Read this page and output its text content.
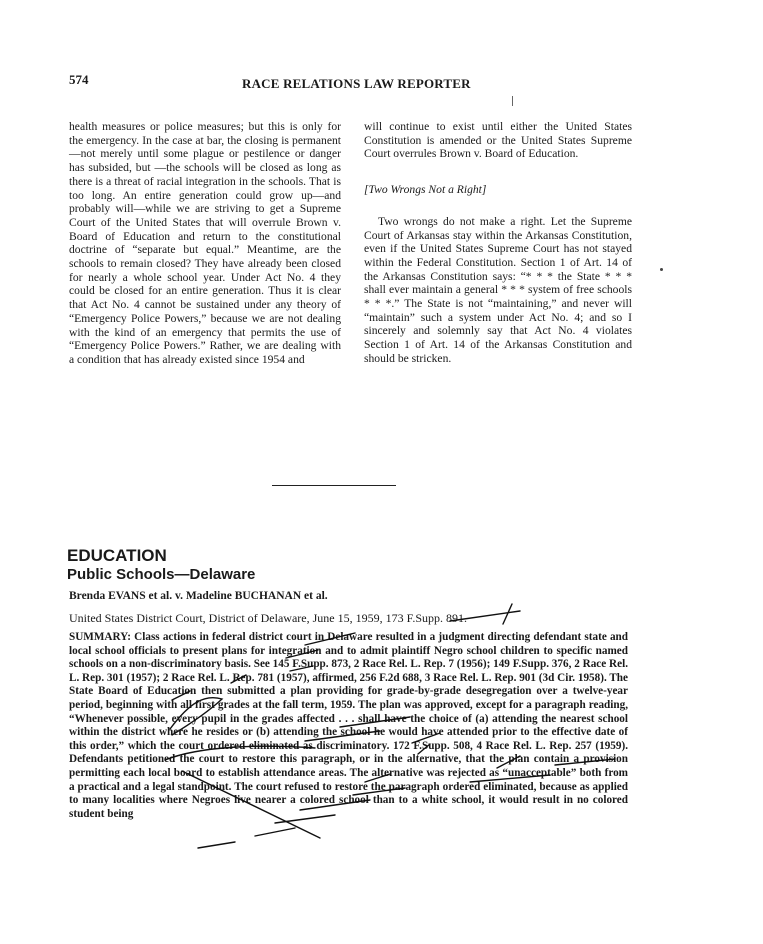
574	RACE RELATIONS LAW REPORTER

health measures or police measures; but this is only for the emergency. In the case at bar, the closing is permanent—not merely until some plague or pestilence or danger has subsided, but —the schools will be closed as long as there is a threat of racial integration in the schools. That is too long. An entire generation could grow up—and probably will—while we are striving to get a Supreme Court of the United States that will overrule Brown v. Board of Education and return to the constitutional doctrine of “separate but equal.” Meantime, are the schools to remain closed? They have already been closed for nearly a whole school year. Under Act No. 4 they could be closed for an entire generation. Thus it is clear that Act No. 4 cannot be sustained under any theory of “Emergency Police Powers,” because we are not dealing with the kind of an emergency that permits the use of “Emergency Police Powers.” Rather, we are dealing with a condition that has already existed since 1954 and

will continue to exist until either the United States Constitution is amended or the United States Supreme Court overrules Brown v. Board of Education.

[Two Wrongs Not a Right]

Two wrongs do not make a right. Let the Supreme Court of Arkansas stay within the Arkansas Constitution, even if the United States Supreme Court has not stayed within the Federal Constitution. Section 1 of Art. 14 of the Arkansas Constitution says: “* * * the State * * * shall ever maintain a general * * * system of free schools * * *.” The State is not “maintaining,” and never will “maintain” such a system under Act No. 4; and so I sincerely and solemnly say that Act No. 4 violates Section 1 of Art. 14 of the Arkansas Constitution and should be stricken.

EDUCATION
Public Schools—Delaware
Brenda EVANS et al. v. Madeline BUCHANAN et al.
United States District Court, District of Delaware, June 15, 1959, 173 F.Supp. 891.
SUMMARY: Class actions in federal district court in Delaware resulted in a judgment directing defendant state and local school officials to present plans for integration and to admit plaintiff Negro school children to specific named schools on a non-discriminatory basis. See 145 F.Supp. 873, 2 Race Rel. L. Rep. 7 (1956); 149 F.Supp. 376, 2 Race Rel. L. Rep. 301 (1957); 2 Race Rel. L. Rep. 781 (1957), affirmed, 256 F.2d 688, 3 Race Rel. L. Rep. 901 (3d Cir. 1958). The State Board of Education then submitted a plan providing for grade-by-grade desegregation over a twelve-year period, beginning with all first grades at the fall term, 1959. The plan was approved, except for a paragraph reading, “Whenever possible, every pupil in the grades affected . . . shall have the choice of (a) attending the nearest school within the district where he resides or (b) attending the school he would have attended prior to the effective date of this order,” which the court ordered eliminated as discriminatory. 172 F.Supp. 508, 4 Race Rel. L. Rep. 257 (1959). Defendants petitioned the court to restore this paragraph, or in the alternative, that the plan contain a provision permitting each local board to establish attendance areas. The alternative was rejected as “unacceptable” both from a practical and a legal standpoint. The court refused to restore the paragraph ordered eliminated, because as applied to many localities where Negroes live nearer a colored school than to a white school, it would result in no colored student being
